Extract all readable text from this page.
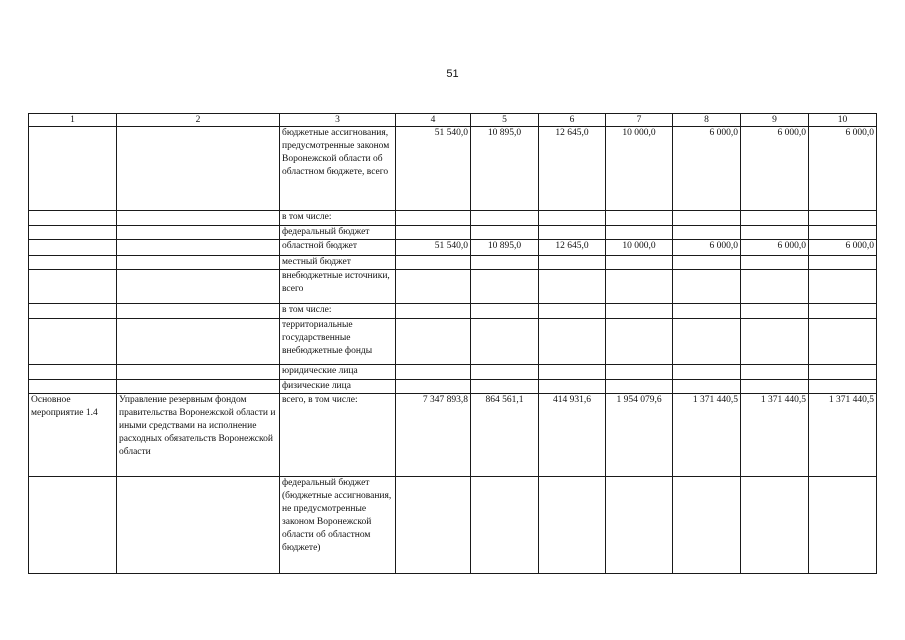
51
1	2	3	4	5	6	7	8	9	10
		бюджетные ассигнования, предусмотренные законом Воронежской области об областном бюджете, всего	51 540,0	10 895,0	12 645,0	10 000,0	6 000,0	6 000,0	6 000,0
		в том числе:							
		федеральный бюджет							
		областной бюджет	51 540,0	10 895,0	12 645,0	10 000,0	6 000,0	6 000,0	6 000,0
		местный бюджет							
		внебюджетные источники, всего							
		в том числе:							
		территориальные государственные внебюджетные фонды							
		юридические лица							
		физические лица							
Основное мероприятие 1.4	Управление резервным фондом правительства Воронежской области и иными средствами на исполнение расходных обязательств Воронежской области	всего, в том числе:	7 347 893,8	864 561,1	414 931,6	1 954 079,6	1 371 440,5	1 371 440,5	1 371 440,5
		федеральный бюджет (бюджетные ассигнования, не предусмотренные законом Воронежской области об областном бюджете)							
